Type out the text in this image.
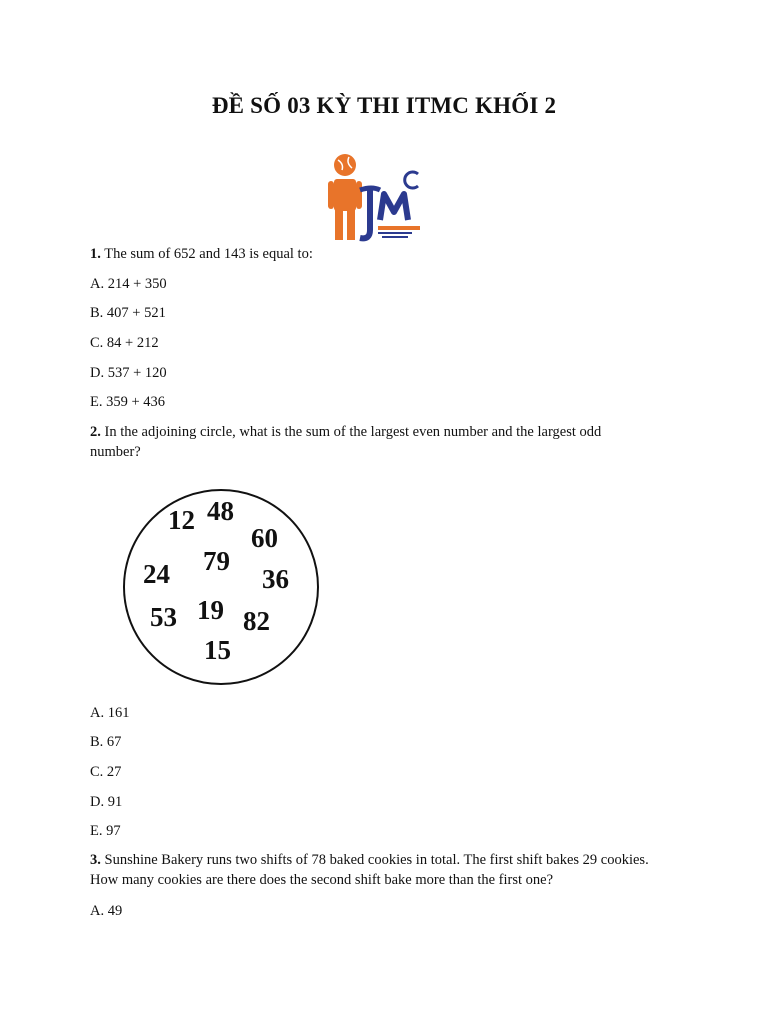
ĐỀ SỐ 03 KỲ THI ITMC KHỐI 2
1. The sum of 652 and 143 is equal to:
A. 214 + 350
B. 407 + 521
C. 84 + 212
D. 537 + 120
E. 359 + 436
2. In the adjoining circle, what is the sum of the largest even number and the largest odd
number?
12 48
60
24 79
36
53 19 82
15
A. 161
B. 67
C. 27
D. 91
E. 97
3. Sunshine Bakery runs two shifts of 78 baked cookies in total. The first shift bakes 29 cookies.
How many cookies are there does the second shift bake more than the first one?
A. 49
